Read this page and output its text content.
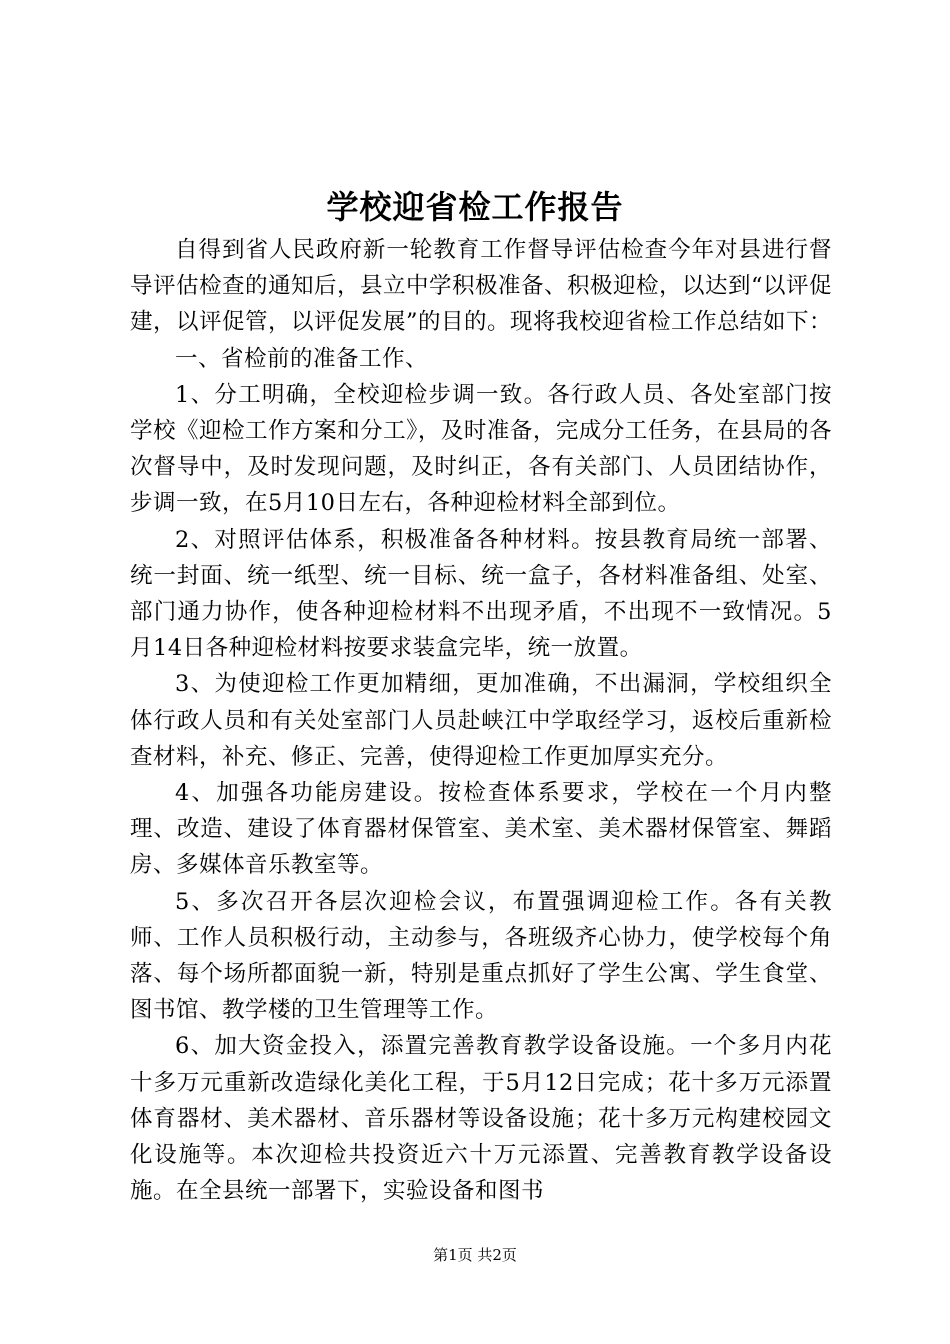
学校迎省检工作报告

自得到省人民政府新一轮教育工作督导评估检查今年对县进行督导评估检查的通知后，县立中学积极准备、积极迎检，以达到“以评促建，以评促管，以评促发展”的目的。现将我校迎省检工作总结如下：

一、省检前的准备工作、

1、分工明确，全校迎检步调一致。各行政人员、各处室部门按学校《迎检工作方案和分工》，及时准备，完成分工任务，在县局的各次督导中，及时发现问题，及时纠正，各有关部门、人员团结协作，步调一致，在5月10日左右，各种迎检材料全部到位。

2、对照评估体系，积极准备各种材料。按县教育局统一部署、统一封面、统一纸型、统一目标、统一盒子，各材料准备组、处室、部门通力协作，使各种迎检材料不出现矛盾，不出现不一致情况。5月14日各种迎检材料按要求装盒完毕，统一放置。

3、为使迎检工作更加精细，更加准确，不出漏洞，学校组织全体行政人员和有关处室部门人员赴峡江中学取经学习，返校后重新检查材料，补充、修正、完善，使得迎检工作更加厚实充分。

4、加强各功能房建设。按检查体系要求，学校在一个月内整理、改造、建设了体育器材保管室、美术室、美术器材保管室、舞蹈房、多媒体音乐教室等。

5、多次召开各层次迎检会议，布置强调迎检工作。各有关教师、工作人员积极行动，主动参与，各班级齐心协力，使学校每个角落、每个场所都面貌一新，特别是重点抓好了学生公寓、学生食堂、图书馆、教学楼的卫生管理等工作。

6、加大资金投入，添置完善教育教学设备设施。一个多月内花十多万元重新改造绿化美化工程，于5月12日完成；花十多万元添置体育器材、美术器材、音乐器材等设备设施；花十多万元构建校园文化设施等。本次迎检共投资近六十万元添置、完善教育教学设备设施。在全县统一部署下，实验设备和图书

第1页 共2页
